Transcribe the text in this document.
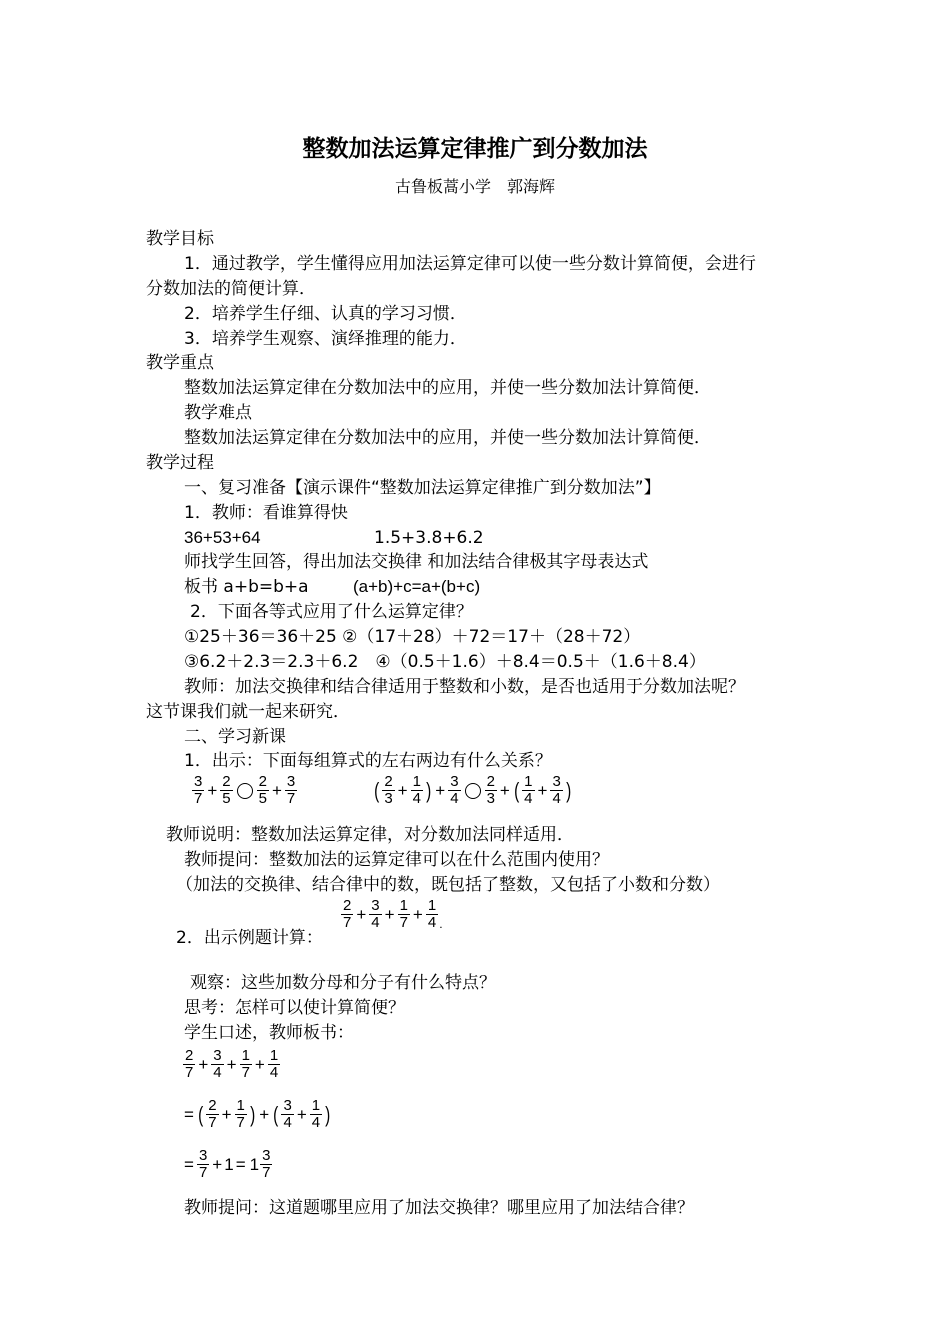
整数加法运算定律推广到分数加法
古鲁板蒿小学　郭海辉
教学目标
1．通过教学，学生懂得应用加法运算定律可以使一些分数计算简便，会进行
分数加法的简便计算．
2．培养学生仔细、认真的学习习惯．
3．培养学生观察、演绎推理的能力．
教学重点
整数加法运算定律在分数加法中的应用，并使一些分数加法计算简便．
教学难点
整数加法运算定律在分数加法中的应用，并使一些分数加法计算简便．
教学过程
一、复习准备【演示课件“整数加法运算定律推广到分数加法”】
1．教师：看谁算得快
36+53+64	1.5+3.8+6.2
师找学生回答，得出加法交换律 和加法结合律极其字母表达式
板书 a+b=b+a	(a+b)+c=a+(b+c)
2．下面各等式应用了什么运算定律？
①25＋36＝36＋25 ②（17＋28）＋72＝17＋（28＋72）
③6.2＋2.3＝2.3＋6.2　④（0.5＋1.6）＋8.4＝0.5＋（1.6＋8.4）
教师：加法交换律和结合律适用于整数和小数，是否也适用于分数加法呢？
这节课我们就一起来研究．
二、学习新课
1．出示：下面每组算式的左右两边有什么关系？
3
$7 + \frac{2}{5} 2$
$5 + \frac{3}{7}$	( 2
$3 + \frac{1}{4}$ ) + $\frac{3}{4} 2$
3 + ( 1
$4 + \frac{3}{4}$ )
教师说明：整数加法运算定律，对分数加法同样适用．
教师提问：整数加法的运算定律可以在什么范围内使用？
（加法的交换律、结合律中的数，既包括了整数，又包括了小数和分数）
2
$7 + \frac{3}{4} + \frac{1}{7} + \frac{1}{4}$ .
2．出示例题计算：
观察：这些加数分母和分子有什么特点？
思考：怎样可以使计算简便？
学生口述，教师板书：
2
$7 + \frac{3}{4} + \frac{1}{7} + \frac{1}{4}$
= ( 2
$7 + \frac{1}{7}$ ) + ( 3
$4 + \frac{1}{4}$ )
= $\frac{3}{7} + 1 = 1$ 3
7
教师提问：这道题哪里应用了加法交换律？哪里应用了加法结合律？
